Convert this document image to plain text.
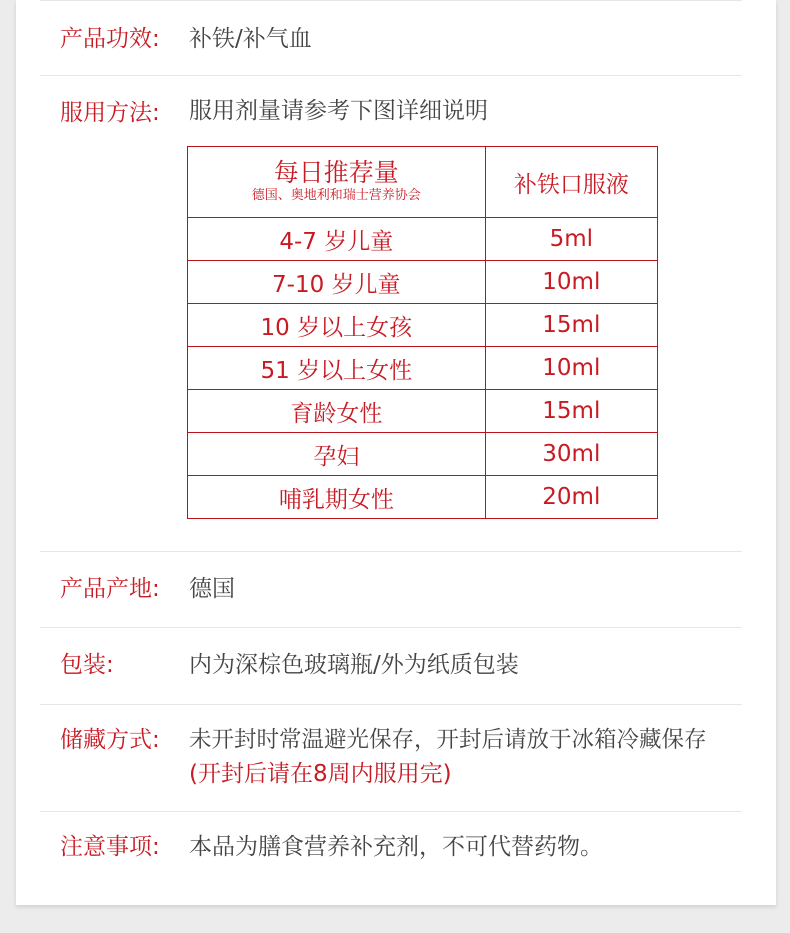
产品功效: 补铁/补气血
服用方法: 服用剂量请参考下图详细说明
每日推荐量
德国、奥地利和瑞士营养协会	补铁口服液
4-7 岁儿童	5ml
7-10 岁儿童	10ml
10 岁以上女孩	15ml
51 岁以上女性	10ml
育龄女性	15ml
孕妇	30ml
哺乳期女性	20ml
产品产地: 德国
包装:	内为深棕色玻璃瓶/外为纸质包装
储藏方式: 未开封时常温避光保存，开封后请放于冰箱冷藏保存
(开封后请在8周内服用完)
注意事项: 本品为膳食营养补充剂，不可代替药物。
